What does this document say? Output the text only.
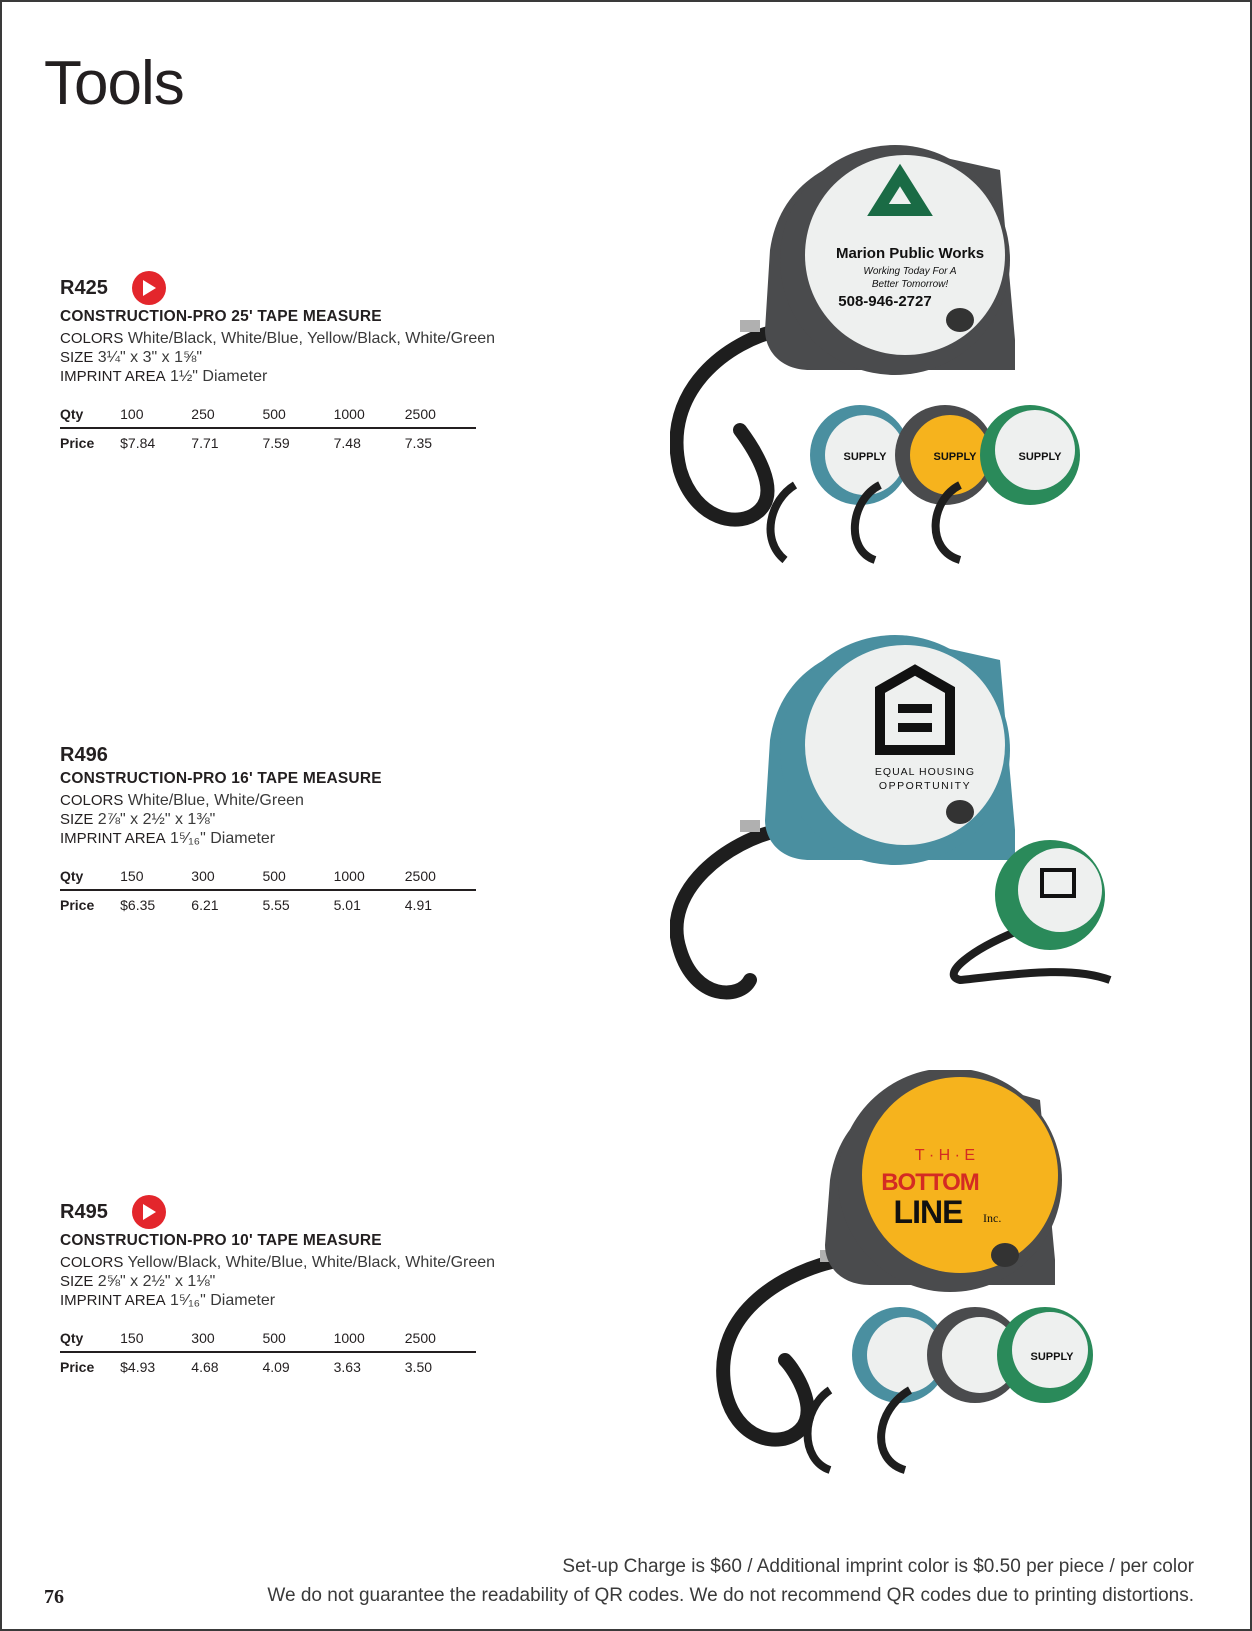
Tools
R425
CONSTRUCTION-PRO 25' TAPE MEASURE
COLORS White/Black, White/Blue, Yellow/Black, White/Green
SIZE 3¼" x 3" x 1⅝"
IMPRINT AREA 1½" Diameter
Qty	100	250	500	1000	2500
Price	$7.84	7.71	7.59	7.48	7.35
Marion Public Works
Working Today For A
Better Tomorrow!
508-946-2727
SUPPLY	SUPPLY	SUPPLY
R496
CONSTRUCTION-PRO 16' TAPE MEASURE
COLORS White/Blue, White/Green
SIZE 2⅞" x 2½" x 1⅜"
IMPRINT AREA 1⁵⁄₁₆" Diameter
Qty	150	300	500	1000	2500
Price	$6.35	6.21	5.55	5.01	4.91
EQUAL HOUSING
OPPORTUNITY
R495
CONSTRUCTION-PRO 10' TAPE MEASURE
COLORS Yellow/Black, White/Blue, White/Black, White/Green
SIZE 2⅝" x 2½" x 1⅛"
IMPRINT AREA 1⁵⁄₁₆" Diameter
Qty	150	300	500	1000	2500
Price	$4.93	4.68	4.09	3.63	3.50
T · H · E
BOTTOM
LINE Inc.
SUPPLY
Set-up Charge is $60 / Additional imprint color is $0.50 per piece / per color
We do not guarantee the readability of QR codes. We do not recommend QR codes due to printing distortions.
76
